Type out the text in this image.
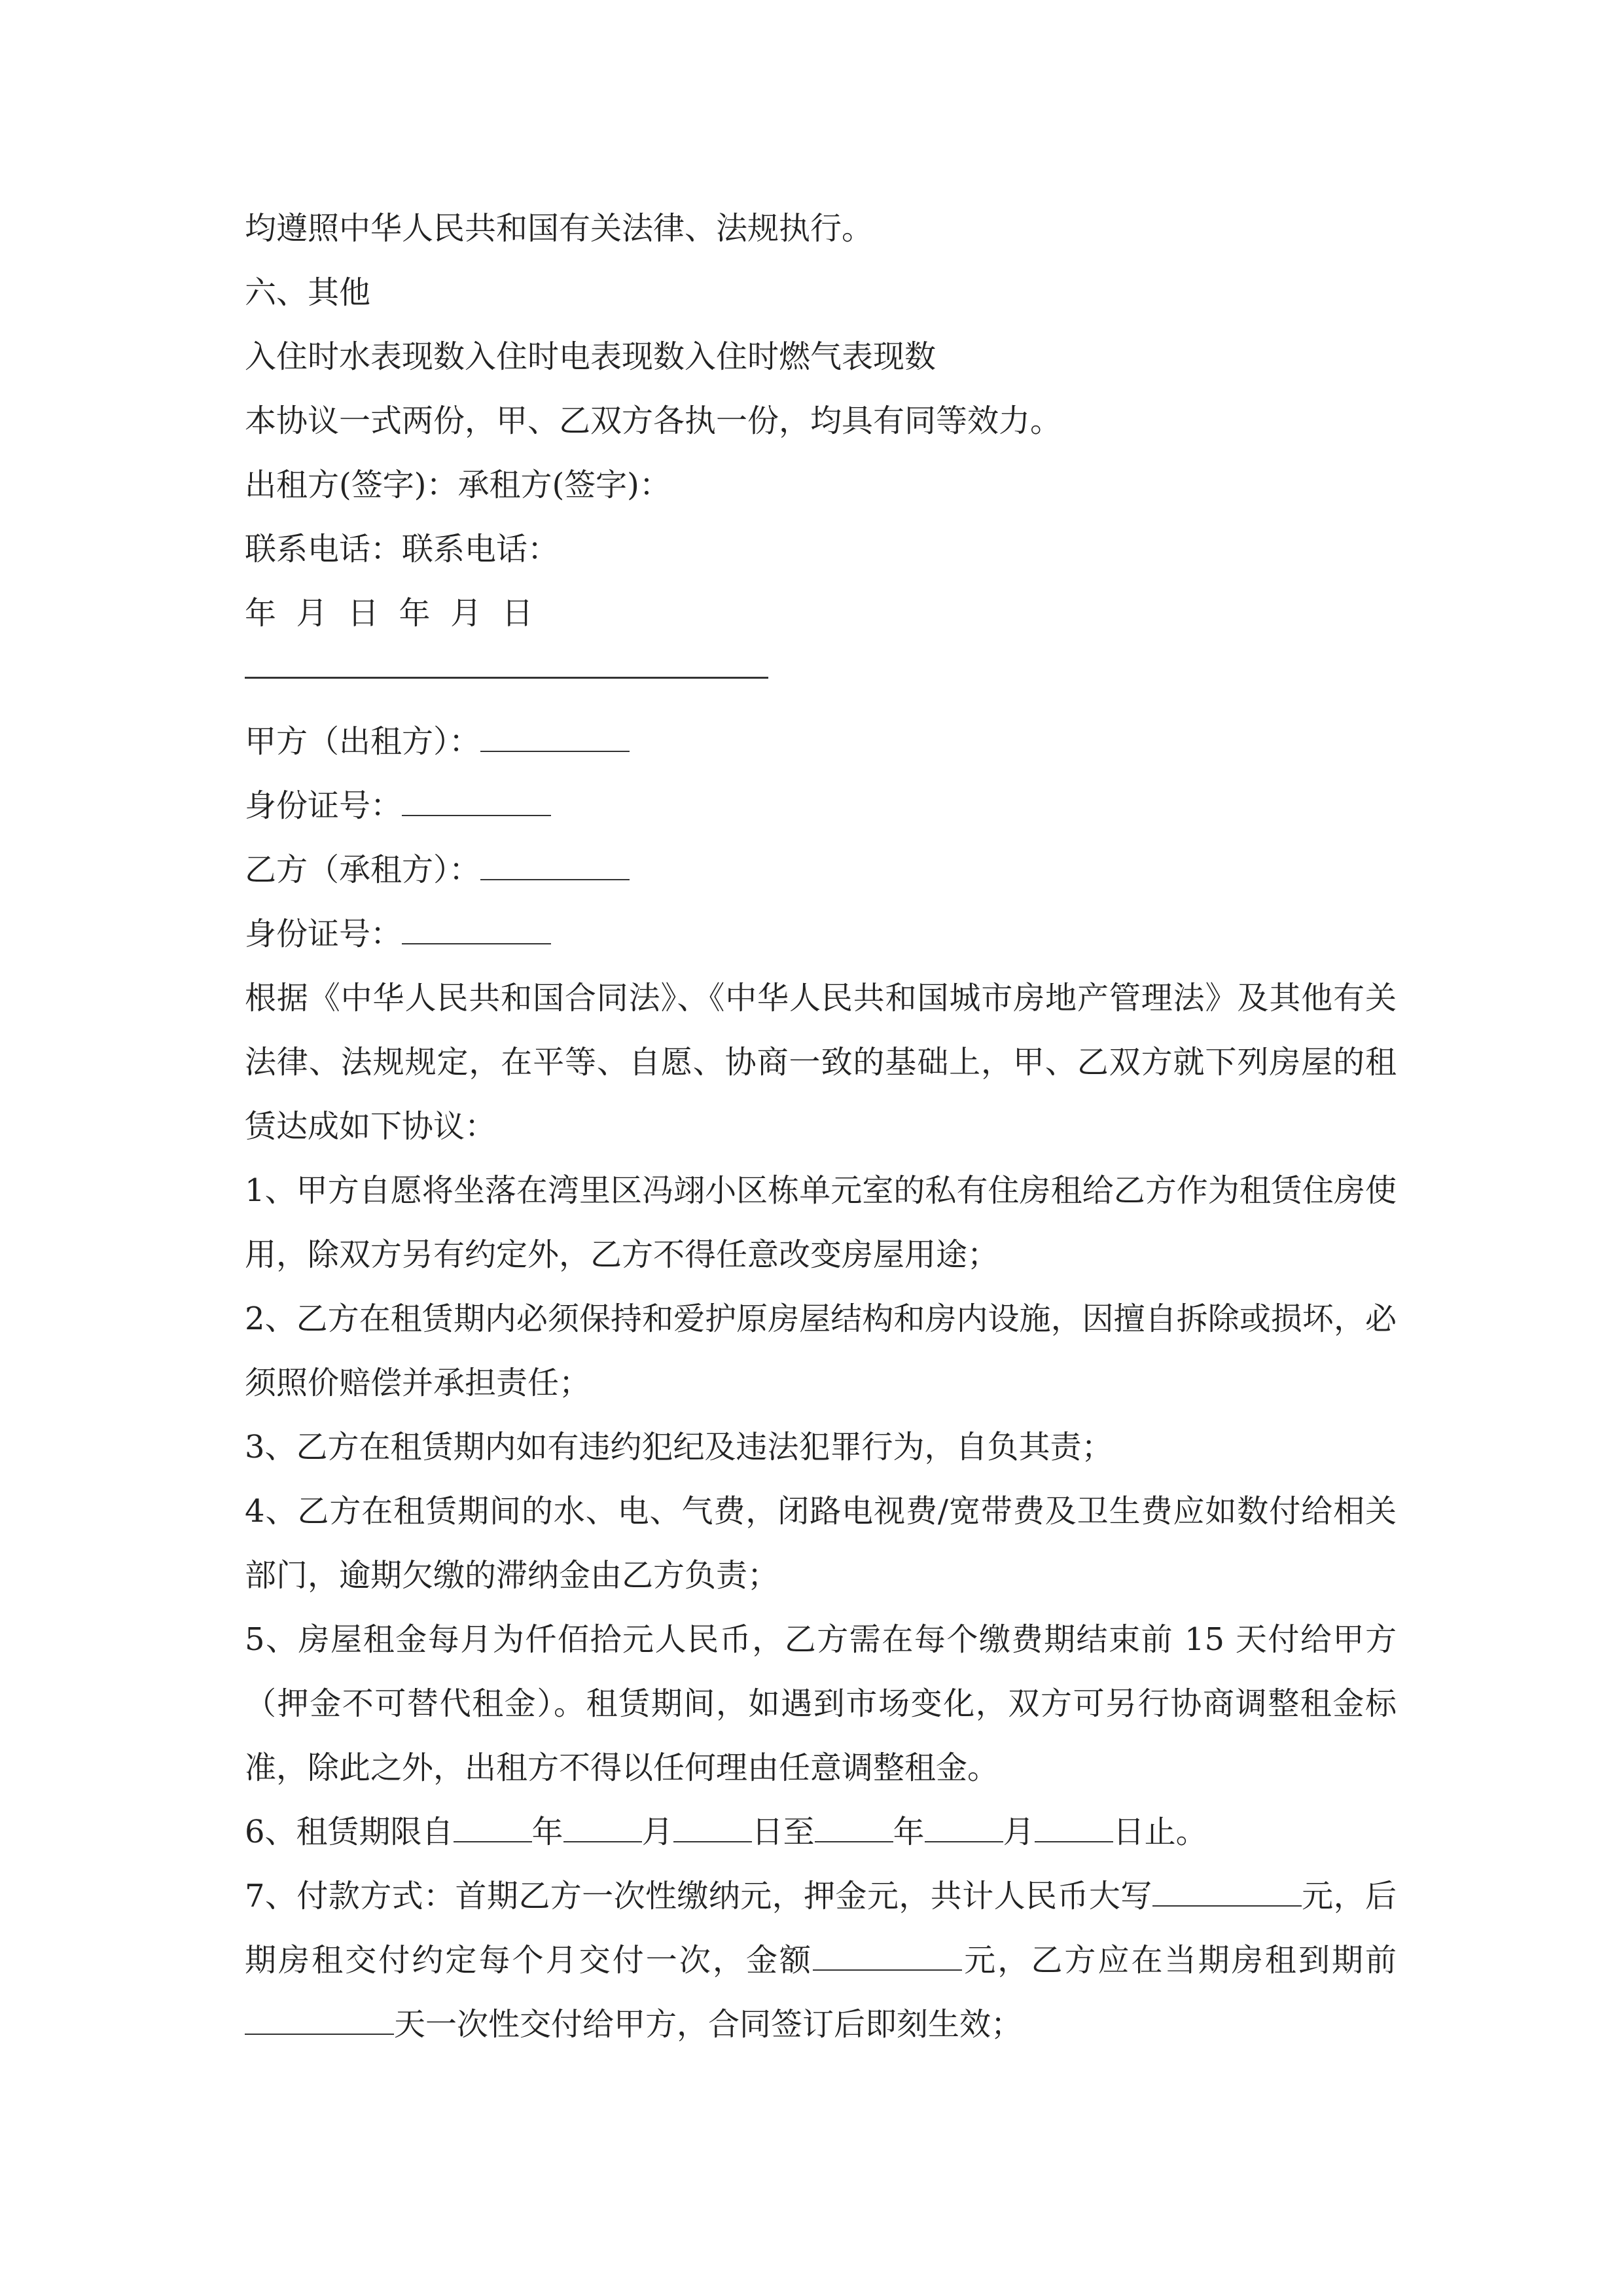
均遵照中华人民共和国有关法律、法规执行。
六、其他
入住时水表现数入住时电表现数入住时燃气表现数
本协议一式两份，甲、乙双方各执一份，均具有同等效力。
出租方(签字)：承租方(签字)：
联系电话：联系电话：
年  月  日  年  月  日
甲方（出租方）：
身份证号：
乙方（承租方）：
身份证号：
根据《中华人民共和国合同法》、《中华人民共和国城市房地产管理法》及其他有关法律、法规规定，在平等、自愿、协商一致的基础上，甲、乙双方就下列房屋的租赁达成如下协议：
1、甲方自愿将坐落在湾里区冯翊小区栋单元室的私有住房租给乙方作为租赁住房使用，除双方另有约定外，乙方不得任意改变房屋用途；
2、乙方在租赁期内必须保持和爱护原房屋结构和房内设施，因擅自拆除或损坏，必须照价赔偿并承担责任；
3、乙方在租赁期内如有违约犯纪及违法犯罪行为，自负其责；
4、乙方在租赁期间的水、电、气费，闭路电视费/宽带费及卫生费应如数付给相关部门，逾期欠缴的滞纳金由乙方负责；
5、房屋租金每月为仟佰拾元人民币，乙方需在每个缴费期结束前 15 天付给甲方（押金不可替代租金）。租赁期间，如遇到市场变化，双方可另行协商调整租金标准，除此之外，出租方不得以任何理由任意调整租金。
6、租赁期限自	年	月	日至	年	月	日止。
7、付款方式：首期乙方一次性缴纳元，押金元，共计人民币大写	元，后期房租交付约定每个月交付一次，金额	元，乙方应在当期房租到期前天一次性交付给甲方，合同签订后即刻生效；
